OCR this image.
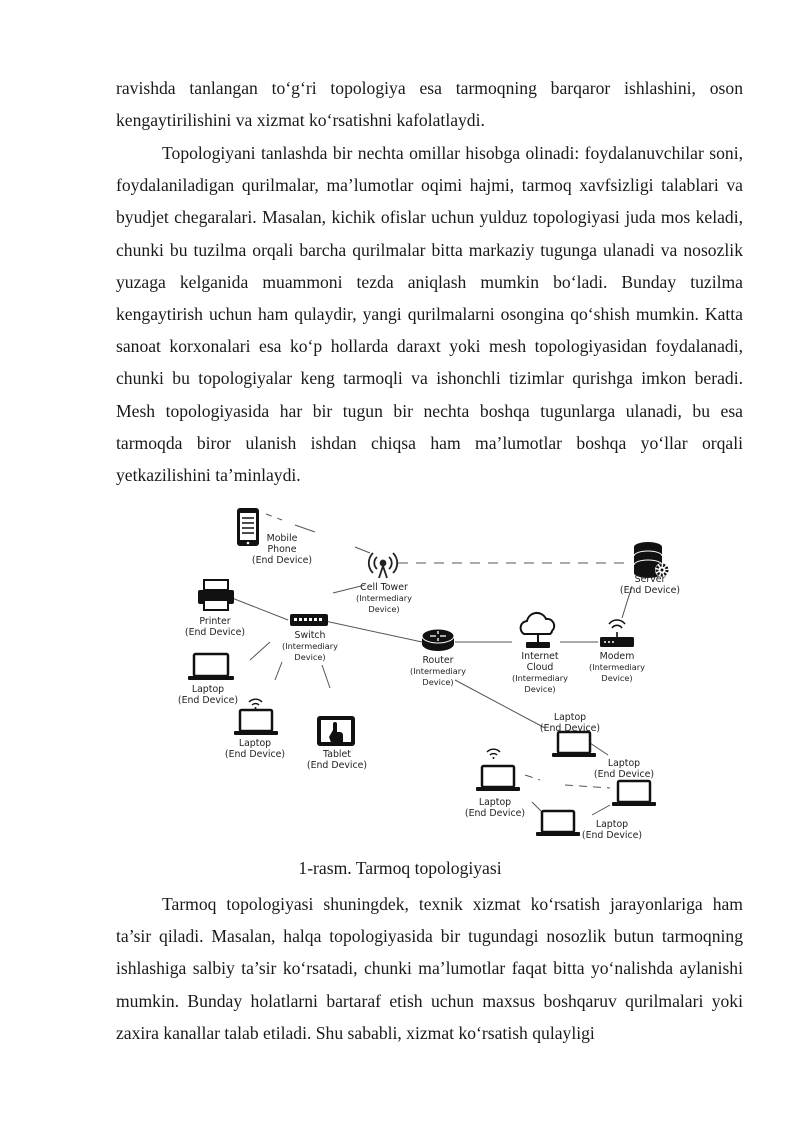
ravishda tanlangan to‘g‘ri topologiya esa tarmoqning barqaror ishlashini, oson kengaytirilishini va xizmat ko‘rsatishni kafolatlaydi.

Topologiyani tanlashda bir nechta omillar hisobga olinadi: foydalanuvchilar soni, foydalaniladigan qurilmalar, ma’lumotlar oqimi hajmi, tarmoq xavfsizligi talablari va byudjet chegaralari. Masalan, kichik ofislar uchun yulduz topologiyasi juda mos keladi, chunki bu tuzilma orqali barcha qurilmalar bitta markaziy tugunga ulanadi va nosozlik yuzaga kelganida muammoni tezda aniqlash mumkin bo‘ladi. Bunday tuzilma kengaytirish uchun ham qulaydir, yangi qurilmalarni osongina qo‘shish mumkin. Katta sanoat korxonalari esa ko‘p hollarda daraxt yoki mesh topologiyasidan foydalanadi, chunki bu topologiyalar keng tarmoqli va ishonchli tizimlar qurishga imkon beradi. Mesh topologiyasida har bir tugun bir nechta boshqa tugunlarga ulanadi, bu esa tarmoqda biror ulanish ishdan chiqsa ham ma’lumotlar boshqa yo‘llar orqali yetkazilishini ta’minlaydi.

Mobile
Phone
(End Device)
Cell Tower

(Intermediary
Device)
Server
(End Device)
Printer
(End Device)	Switch

(Intermediary
Device)	Router

(Intermediary
Device)
Internet
Cloud

(Intermediary
Device)
Modem

(Intermediary
Device)
Laptop
(End Device)
Laptop
(End Device)	Tablet
(End Device)
Laptop
(End Device)
Laptop
(End Device)
Laptop
(End Device)
Laptop
(End Device)

1-rasm. Tarmoq topologiyasi

Tarmoq topologiyasi shuningdek, texnik xizmat ko‘rsatish jarayonlariga ham ta’sir qiladi. Masalan, halqa topologiyasida bir tugundagi nosozlik butun tarmoqning ishlashiga salbiy ta’sir ko‘rsatadi, chunki ma’lumotlar faqat bitta yo‘nalishda aylanishi mumkin. Bunday holatlarni bartaraf etish uchun maxsus boshqaruv qurilmalari yoki zaxira kanallar talab etiladi. Shu sababli, xizmat ko‘rsatish qulayligi
